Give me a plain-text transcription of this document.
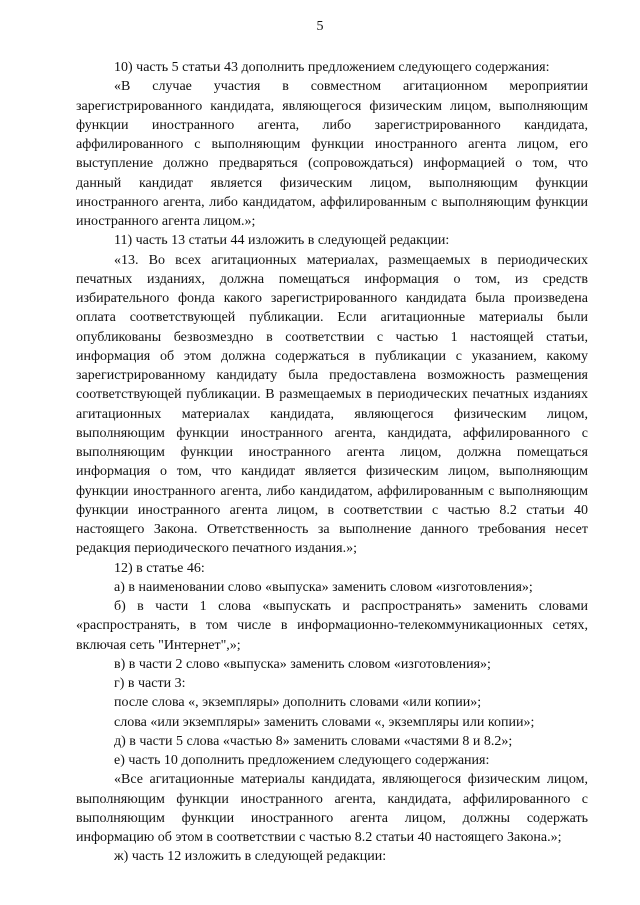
5

10) часть 5 статьи 43 дополнить предложением следующего содержания:

«В случае участия в совместном агитационном мероприятии зарегистрированного кандидата, являющегося физическим лицом, выполняющим функции иностранного агента, либо зарегистрированного кандидата, аффилированного с выполняющим функции иностранного агента лицом, его выступление должно предваряться (сопровождаться) информацией о том, что данный кандидат является физическим лицом, выполняющим функции иностранного агента, либо кандидатом, аффилированным с выполняющим функции иностранного агента лицом.»;

11) часть 13 статьи 44 изложить в следующей редакции:

«13. Во всех агитационных материалах, размещаемых в периодических печатных изданиях, должна помещаться информация о том, из средств избирательного фонда какого зарегистрированного кандидата была произведена оплата соответствующей публикации. Если агитационные материалы были опубликованы безвозмездно в соответствии с частью 1 настоящей статьи, информация об этом должна содержаться в публикации с указанием, какому зарегистрированному кандидату была предоставлена возможность размещения соответствующей публикации. В размещаемых в периодических печатных изданиях агитационных материалах кандидата, являющегося физическим лицом, выполняющим функции иностранного агента, кандидата, аффилированного с выполняющим функции иностранного агента лицом, должна помещаться информация о том, что кандидат является физическим лицом, выполняющим функции иностранного агента, либо кандидатом, аффилированным с выполняющим функции иностранного агента лицом, в соответствии с частью 8.2 статьи 40 настоящего Закона. Ответственность за выполнение данного требования несет редакция периодического печатного издания.»;

12) в статье 46:

а) в наименовании слово «выпуска» заменить словом «изготовления»;

б) в части 1 слова «выпускать и распространять» заменить словами «распространять, в том числе в информационно-телекоммуникационных сетях, включая сеть "Интернет",»;

в) в части 2 слово «выпуска» заменить словом «изготовления»;

г) в части 3:

после слова «, экземпляры» дополнить словами «или копии»;

слова «или экземпляры» заменить словами «, экземпляры или копии»;

д) в части 5 слова «частью 8» заменить словами «частями 8 и 8.2»;

е) часть 10 дополнить предложением следующего содержания:

«Все агитационные материалы кандидата, являющегося физическим лицом, выполняющим функции иностранного агента, кандидата, аффилированного с выполняющим функции иностранного агента лицом, должны содержать информацию об этом в соответствии с частью 8.2 статьи 40 настоящего Закона.»;

ж) часть 12 изложить в следующей редакции:
